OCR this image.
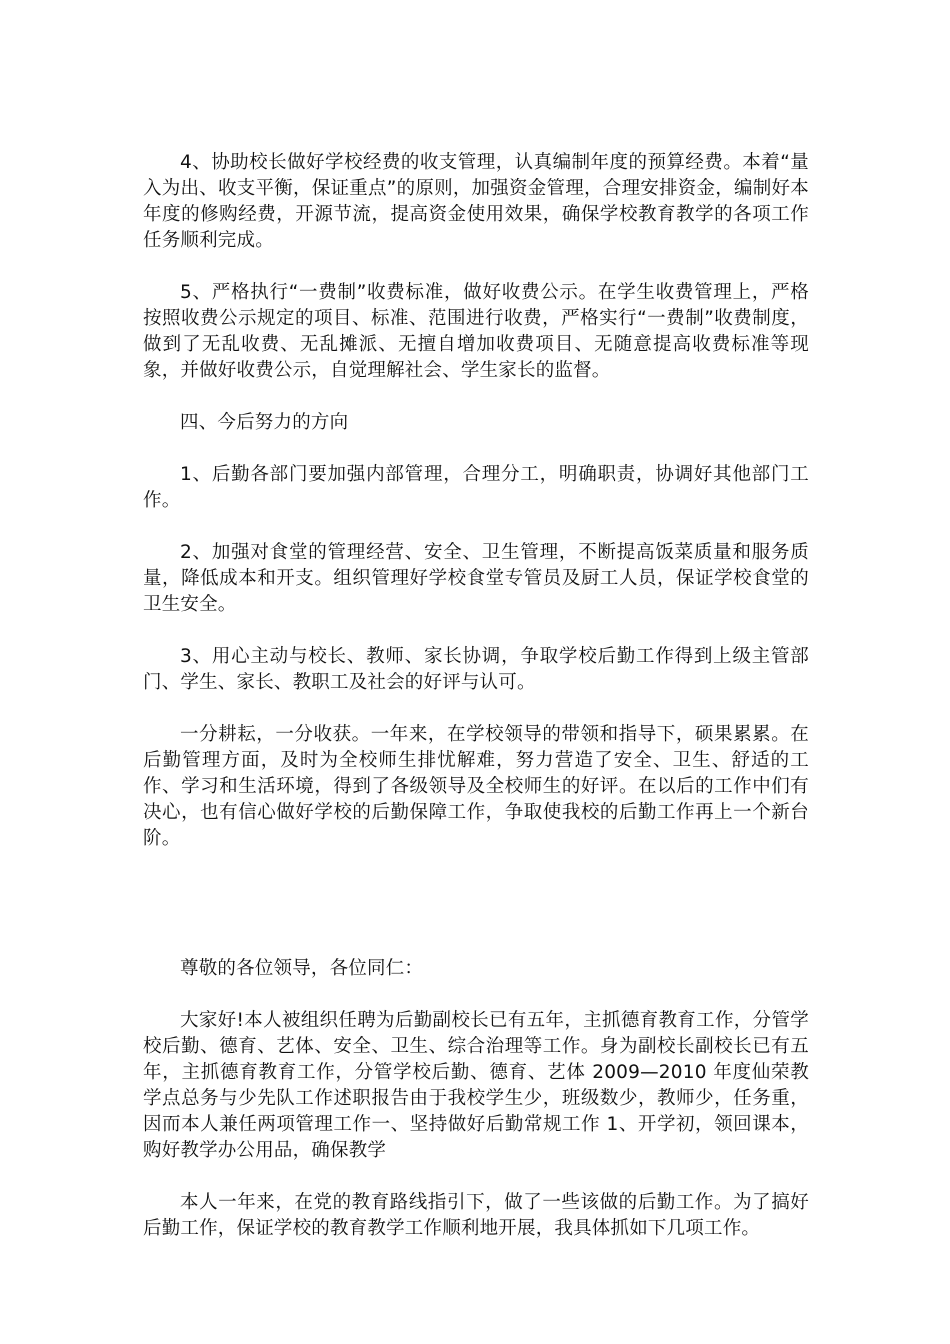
4、协助校长做好学校经费的收支管理，认真编制年度的预算经费。本着“量入为出、收支平衡，保证重点”的原则，加强资金管理，合理安排资金，编制好本年度的修购经费，开源节流，提高资金使用效果，确保学校教育教学的各项工作任务顺利完成。

5、严格执行“一费制”收费标准，做好收费公示。在学生收费管理上，严格按照收费公示规定的项目、标准、范围进行收费，严格实行“一费制”收费制度，做到了无乱收费、无乱摊派、无擅自增加收费项目、无随意提高收费标准等现象，并做好收费公示，自觉理解社会、学生家长的监督。

四、今后努力的方向

1、后勤各部门要加强内部管理，合理分工，明确职责，协调好其他部门工作。

2、加强对食堂的管理经营、安全、卫生管理，不断提高饭菜质量和服务质量，降低成本和开支。组织管理好学校食堂专管员及厨工人员，保证学校食堂的卫生安全。

3、用心主动与校长、教师、家长协调，争取学校后勤工作得到上级主管部门、学生、家长、教职工及社会的好评与认可。

一分耕耘，一分收获。一年来，在学校领导的带领和指导下，硕果累累。在后勤管理方面，及时为全校师生排忧解难，努力营造了安全、卫生、舒适的工作、学习和生活环境，得到了各级领导及全校师生的好评。在以后的工作中们有决心，也有信心做好学校的后勤保障工作，争取使我校的后勤工作再上一个新台阶。

尊敬的各位领导，各位同仁：

大家好!本人被组织任聘为后勤副校长已有五年，主抓德育教育工作，分管学校后勤、德育、艺体、安全、卫生、综合治理等工作。身为副校长副校长已有五年，主抓德育教育工作，分管学校后勤、德育、艺体 2009—2010 年度仙荣教学点总务与少先队工作述职报告由于我校学生少，班级数少，教师少，任务重，因而本人兼任两项管理工作一、坚持做好后勤常规工作 1、开学初，领回课本，购好教学办公用品，确保教学

本人一年来，在党的教育路线指引下，做了一些该做的后勤工作。为了搞好后勤工作，保证学校的教育教学工作顺利地开展，我具体抓如下几项工作。
